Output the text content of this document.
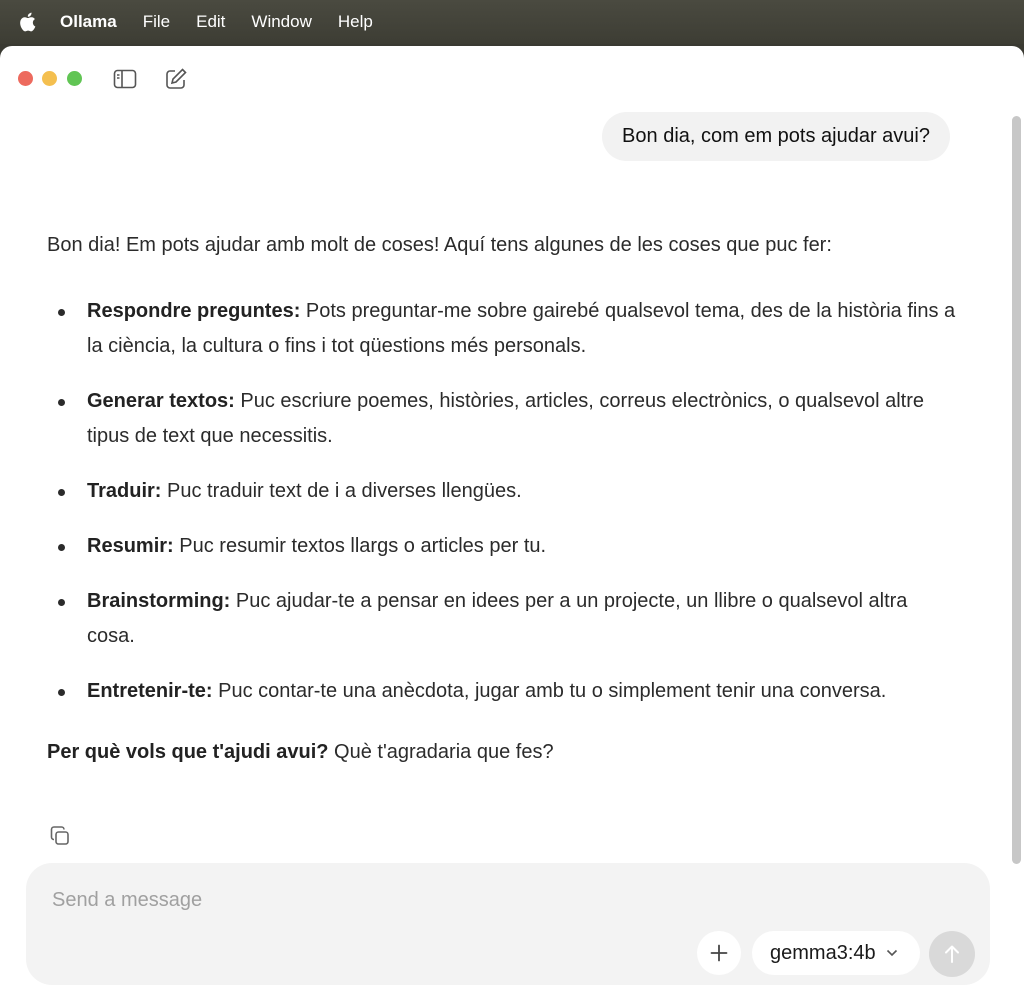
Ollama File Edit Window Help
Bon dia, com em pots ajudar avui?

Bon dia! Em pots ajudar amb molt de coses! Aquí tens algunes de les coses que puc fer:

Respondre preguntes: Pots preguntar-me sobre gairebé qualsevol tema, des de la història fins a la ciència, la cultura o fins i tot qüestions més personals.
Generar textos: Puc escriure poemes, històries, articles, correus electrònics, o qualsevol altre tipus de text que necessitis.
Traduir: Puc traduir text de i a diverses llengües.
Resumir: Puc resumir textos llargs o articles per tu.
Brainstorming: Puc ajudar-te a pensar en idees per a un projecte, un llibre o qualsevol altra cosa.
Entretenir-te: Puc contar-te una anècdota, jugar amb tu o simplement tenir una conversa.

Per què vols que t'ajudi avui? Què t'agradaria que fes?

Send a message
gemma3:4b
